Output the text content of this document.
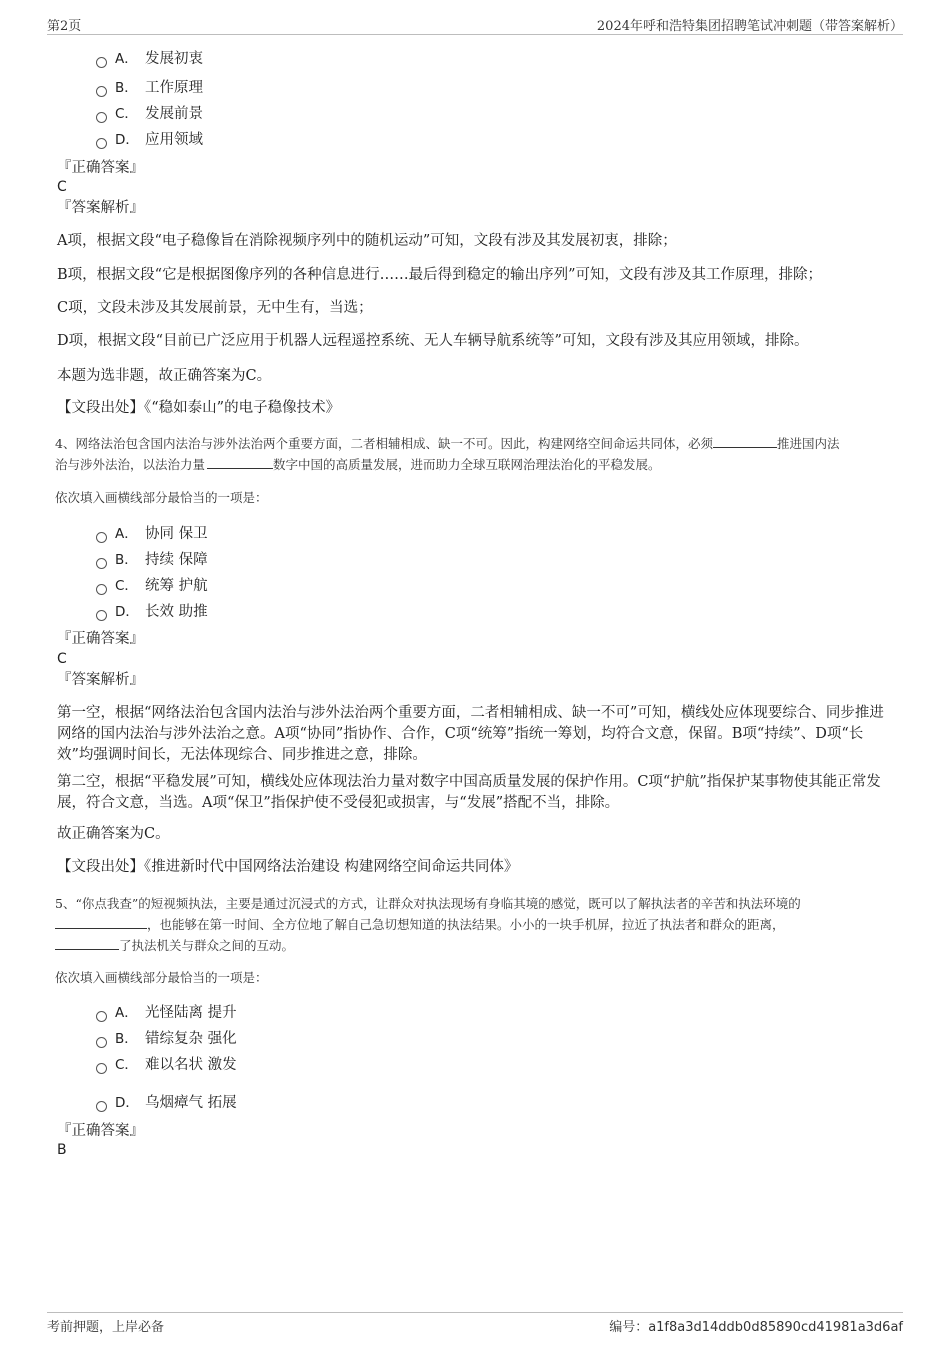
第2页	2024年呼和浩特集团招聘笔试冲刺题（带答案解析）
A． 发展初衷
B． 工作原理
C． 发展前景
D． 应用领域
『正确答案』
C
『答案解析』
A项，根据文段“电子稳像旨在消除视频序列中的随机运动”可知，文段有涉及其发展初衷，排除；
B项，根据文段“它是根据图像序列的各种信息进行……最后得到稳定的输出序列”可知，文段有涉及其工作原理，排除；
C项，文段未涉及其发展前景，无中生有，当选；
D项，根据文段“目前已广泛应用于机器人远程遥控系统、无人车辆导航系统等”可知，文段有涉及其应用领域，排除。
本题为选非题，故正确答案为C。
【文段出处】《“稳如泰山”的电子稳像技术》
4、网络法治包含国内法治与涉外法治两个重要方面，二者相辅相成、缺一不可。因此，构建网络空间命运共同体，必须	推进国内法
治与涉外法治，以法治力量	数字中国的高质量发展，进而助力全球互联网治理法治化的平稳发展。
依次填入画横线部分最恰当的一项是：
A． 协同 保卫
B． 持续 保障
C． 统筹 护航
D． 长效 助推
『正确答案』
C
『答案解析』
第一空，根据“网络法治包含国内法治与涉外法治两个重要方面，二者相辅相成、缺一不可”可知，横线处应体现要综合、同步推进网络的国内法治与涉外法治之意。A项“协同”指协作、合作，C项“统筹”指统一筹划，均符合文意，保留。B项“持续”、D项“长效”均强调时间长，无法体现综合、同步推进之意，排除。
第二空，根据“平稳发展”可知，横线处应体现法治力量对数字中国高质量发展的保护作用。C项“护航”指保护某事物使其能正常发展，符合文意，当选。A项“保卫”指保护使不受侵犯或损害，与“发展”搭配不当，排除。
故正确答案为C。
【文段出处】《推进新时代中国网络法治建设 构建网络空间命运共同体》
5、“你点我查”的短视频执法，主要是通过沉浸式的方式，让群众对执法现场有身临其境的感觉，既可以了解执法者的辛苦和执法环境的
，也能够在第一时间、全方位地了解自己急切想知道的执法结果。小小的一块手机屏，拉近了执法者和群众的距离，
了执法机关与群众之间的互动。
依次填入画横线部分最恰当的一项是：
A． 光怪陆离 提升
B． 错综复杂 强化
C． 难以名状 激发
D． 乌烟瘴气 拓展
『正确答案』
B
考前押题，上岸必备	编号：a1f8a3d14ddb0d85890cd41981a3d6af
